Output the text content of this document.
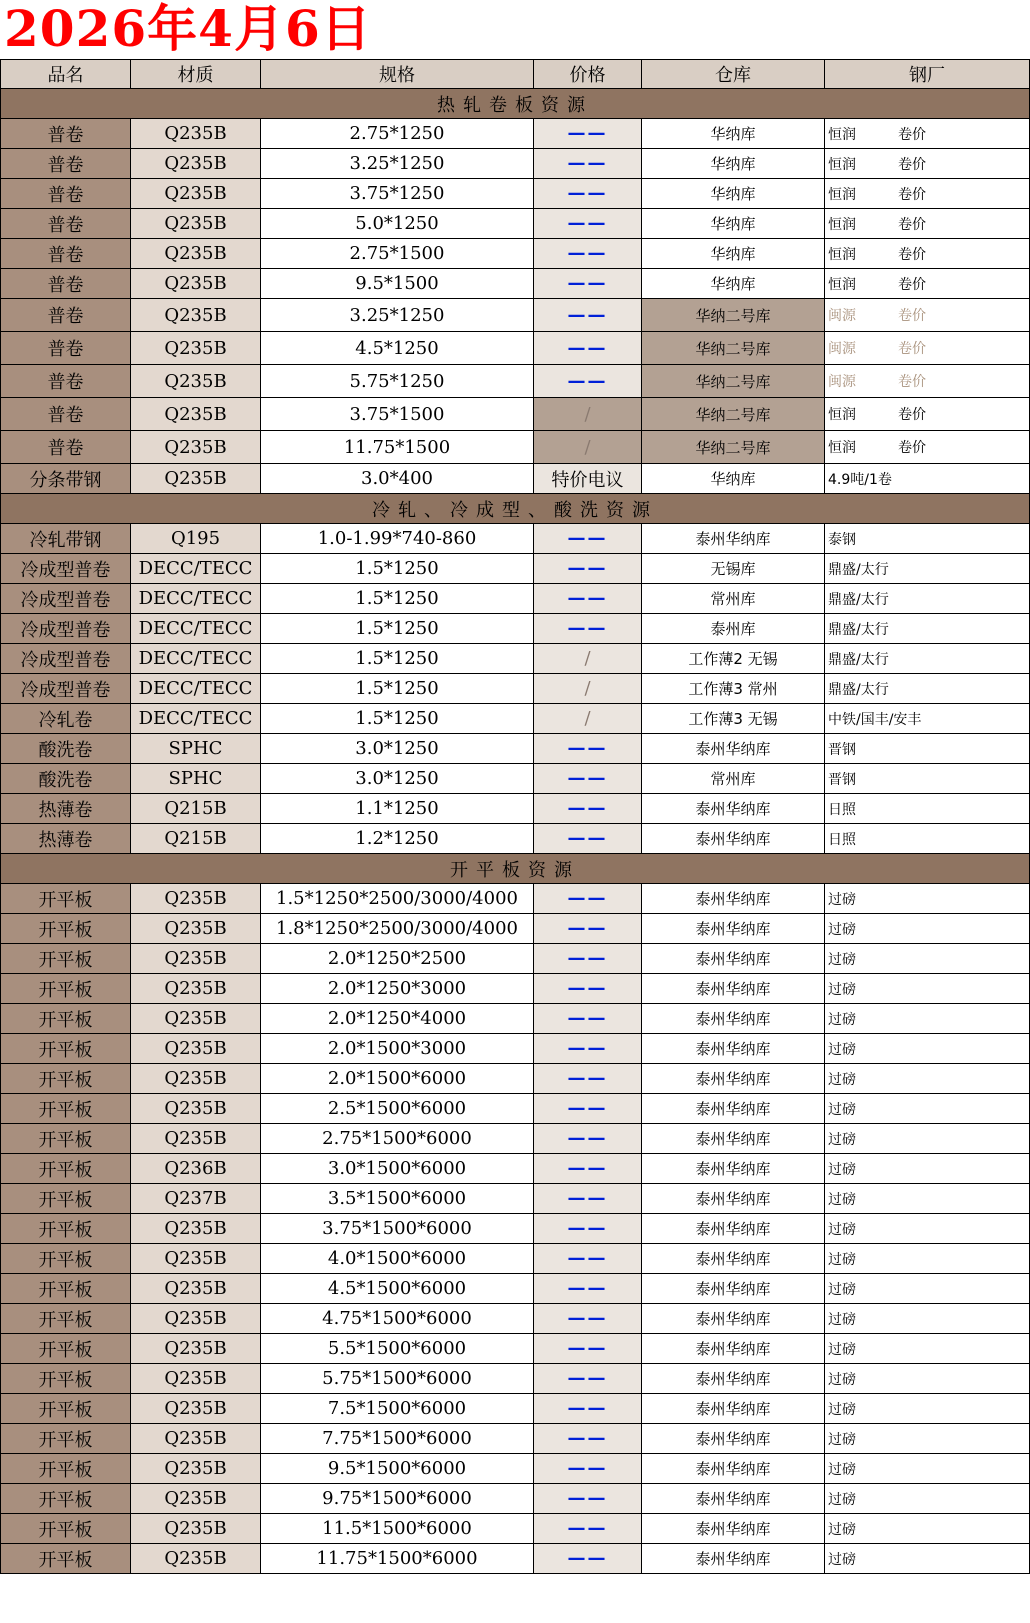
2026年4月6日
品名	材质	规格	价格	仓库	钢厂
热轧卷板资源					
普卷	Q235B	2.75*1250	——	华纳库	恒润 卷价
普卷	Q235B	3.25*1250	——	华纳库	恒润 卷价
普卷	Q235B	3.75*1250	——	华纳库	恒润 卷价
普卷	Q235B	5.0*1250	——	华纳库	恒润 卷价
普卷	Q235B	2.75*1500	——	华纳库	恒润 卷价
普卷	Q235B	9.5*1500	——	华纳库	恒润 卷价
普卷	Q235B	3.25*1250	——	华纳二号库	闽源 卷价
普卷	Q235B	4.5*1250	——	华纳二号库	闽源 卷价
普卷	Q235B	5.75*1250	——	华纳二号库	闽源 卷价
普卷	Q235B	3.75*1500	/	华纳二号库	恒润 卷价
普卷	Q235B	11.75*1500	/	华纳二号库	恒润 卷价
分条带钢	Q235B	3.0*400	特价电议	华纳库	4.9吨/1卷
冷轧、冷成型、酸洗资源					
冷轧带钢	Q195	1.0-1.99*740-860	——	泰州华纳库	泰钢
冷成型普卷	DECC/TECC	1.5*1250	——	无锡库	鼎盛/太行
冷成型普卷	DECC/TECC	1.5*1250	——	常州库	鼎盛/太行
冷成型普卷	DECC/TECC	1.5*1250	——	泰州库	鼎盛/太行
冷成型普卷	DECC/TECC	1.5*1250	/	工作薄2 无锡	鼎盛/太行
冷成型普卷	DECC/TECC	1.5*1250	/	工作薄3 常州	鼎盛/太行
冷轧卷	DECC/TECC	1.5*1250	/	工作薄3 无锡	中铁/国丰/安丰
酸洗卷	SPHC	3.0*1250	——	泰州华纳库	晋钢
酸洗卷	SPHC	3.0*1250	——	常州库	晋钢
热薄卷	Q215B	1.1*1250	——	泰州华纳库	日照
热薄卷	Q215B	1.2*1250	——	泰州华纳库	日照
开平板资源					
开平板	Q235B	1.5*1250*2500/3000/4000	——	泰州华纳库	过磅
开平板	Q235B	1.8*1250*2500/3000/4000	——	泰州华纳库	过磅
开平板	Q235B	2.0*1250*2500	——	泰州华纳库	过磅
开平板	Q235B	2.0*1250*3000	——	泰州华纳库	过磅
开平板	Q235B	2.0*1250*4000	——	泰州华纳库	过磅
开平板	Q235B	2.0*1500*3000	——	泰州华纳库	过磅
开平板	Q235B	2.0*1500*6000	——	泰州华纳库	过磅
开平板	Q235B	2.5*1500*6000	——	泰州华纳库	过磅
开平板	Q235B	2.75*1500*6000	——	泰州华纳库	过磅
开平板	Q236B	3.0*1500*6000	——	泰州华纳库	过磅
开平板	Q237B	3.5*1500*6000	——	泰州华纳库	过磅
开平板	Q235B	3.75*1500*6000	——	泰州华纳库	过磅
开平板	Q235B	4.0*1500*6000	——	泰州华纳库	过磅
开平板	Q235B	4.5*1500*6000	——	泰州华纳库	过磅
开平板	Q235B	4.75*1500*6000	——	泰州华纳库	过磅
开平板	Q235B	5.5*1500*6000	——	泰州华纳库	过磅
开平板	Q235B	5.75*1500*6000	——	泰州华纳库	过磅
开平板	Q235B	7.5*1500*6000	——	泰州华纳库	过磅
开平板	Q235B	7.75*1500*6000	——	泰州华纳库	过磅
开平板	Q235B	9.5*1500*6000	——	泰州华纳库	过磅
开平板	Q235B	9.75*1500*6000	——	泰州华纳库	过磅
开平板	Q235B	11.5*1500*6000	——	泰州华纳库	过磅
开平板	Q235B	11.75*1500*6000	——	泰州华纳库	过磅
